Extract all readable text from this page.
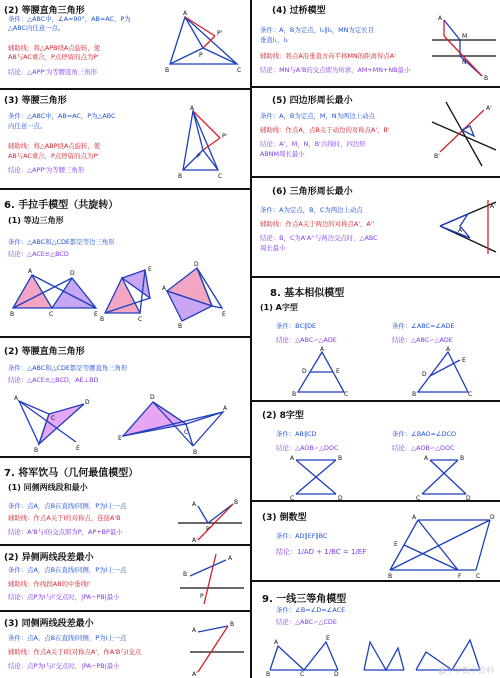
(2) 等腰直角三角形
条件：△ABC中，∠A=90°，AB=AC，P为
△ABC内任意一点。
辅助线：将△APB绕A点旋转，使
AB与AC重合，P点停留的点为P'
结论：△APP'为等腰直角三角形
A
B	C
P
P'
(3) 等腰三角形
条件：△ABC中，AB=AC，P为△ABC
内任意一点。
辅助线：将△ABP绕A点旋转，使
AB与AC重合，P点停留的点为P'
结论：△APP'为等腰三角形
A
B	C
P
P'
6. 手拉手模型（共旋转）
(1) 等边三角形
条件：△ABC和△CDE都是等边三角形
结论：△ACE≌△BCD
A
B	C
D
E
B	C
E
A
D
B
E
(2) 等腰直角三角形
条件：△ABC和△CDE都是等腰直角三角形
结论：△ACE≌△BCD，AE⊥BD
A
B
C
D
E
E
D
C
B
A
7. 将军饮马（几何最值模型）
(1) 同侧两线段和最小
条件：点A，点B在直线l同侧，P为l上一点
辅助线：作点A关于l的对称点，连接A'B
结论：A'B与l的交点即为P，AP+BP最小
A	B
P
A'
(2) 异侧两线段差最小
条件：点A，点B在直线l同侧，P为l上一点
辅助线：作线段AB的中垂线l'
结论：点P为l与l'交点时，|PA−PB|最小
B
A
P
(3) 同侧两线段差最小
条件：点A，点B在直线l同侧，P为l上一点
辅助线：作点A关于l的对称点A'，作A'B与l交点
结论：点P为l与l'交点时，|PA−PB|最小
A
B
A'
(4) 过桥模型
条件：A，B为定点，l₁∥l₂，MN为定长且
垂直l₁，l₂
辅助线：将点A沿垂直方向平移MN的距离得点A'
结论：MN与A'B的交点即为所求，AM+MN+NB最小
A
B
M
N
(5) 四边形周长最小
条件：A，B为定点，M，N为两边上动点
辅助线：作点A，点B关于动边的对称点A'，B'
结论：A'，M，N，B'共线时，四边形
ABNM周长最小
A'
B'
(6) 三角形周长最小
条件：A为定点，B，C为两边上动点
辅助线：作点A关于两边的对称点A'，A''
结论：B，C为A'A''与两边交点时，△ABC
周长最小
A'
A
8. 基本相似模型
(1) A字型
条件：BC∥DE
结论：△ABC∽△ADE
条件：∠ABC=∠ADE
结论：△ABC∽△ADE
A
D	E
B	C
A
D
E
B	C
(2) 8字型
条件：AB∥CD
结论：△AOB∽△DOC
条件：∠BAO=∠DCO
结论：△AOB∽△DOC
A	B
C	D
A	B
C	D
(3) 倒数型
条件：AD∥EF∥BC
结论：1/AD + 1/BC = 1/EF
A	D
E
B	C
F
9. 一线三等角模型
条件：∠B=∠D=∠ACE
结论：△ABC∽△CDE
B	C	D
A
E
@小学数学资料
